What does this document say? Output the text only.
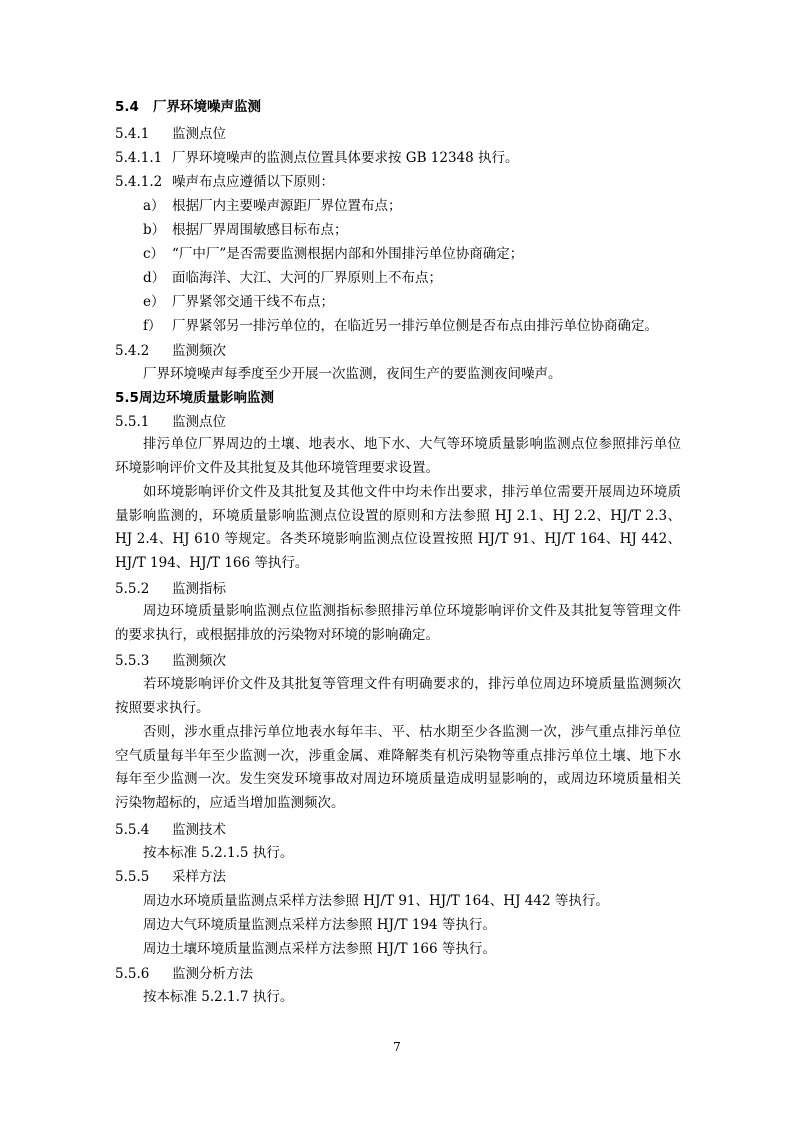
5.4 厂界环境噪声监测
5.4.1 监测点位
5.4.1.1 厂界环境噪声的监测点位置具体要求按 GB 12348 执行。
5.4.1.2 噪声布点应遵循以下原则：
a） 根据厂内主要噪声源距厂界位置布点；
b） 根据厂界周围敏感目标布点；
c） “厂中厂”是否需要监测根据内部和外围排污单位协商确定；
d） 面临海洋、大江、大河的厂界原则上不布点；
e） 厂界紧邻交通干线不布点；
f） 厂界紧邻另一排污单位的，在临近另一排污单位侧是否布点由排污单位协商确定。
5.4.2 监测频次
厂界环境噪声每季度至少开展一次监测，夜间生产的要监测夜间噪声。
5.5 周边环境质量影响监测
5.5.1 监测点位
排污单位厂界周边的土壤、地表水、地下水、大气等环境质量影响监测点位参照排污单位环境影响评价文件及其批复及其他环境管理要求设置。
如环境影响评价文件及其批复及其他文件中均未作出要求，排污单位需要开展周边环境质量影响监测的，环境质量影响监测点位设置的原则和方法参照 HJ 2.1、HJ 2.2、HJ/T 2.3、HJ 2.4、HJ 610 等规定。各类环境影响监测点位设置按照 HJ/T 91、HJ/T 164、HJ 442、HJ/T 194、HJ/T 166 等执行。
5.5.2 监测指标
周边环境质量影响监测点位监测指标参照排污单位环境影响评价文件及其批复等管理文件的要求执行，或根据排放的污染物对环境的影响确定。
5.5.3 监测频次
若环境影响评价文件及其批复等管理文件有明确要求的，排污单位周边环境质量监测频次按照要求执行。
否则，涉水重点排污单位地表水每年丰、平、枯水期至少各监测一次，涉气重点排污单位空气质量每半年至少监测一次，涉重金属、难降解类有机污染物等重点排污单位土壤、地下水每年至少监测一次。发生突发环境事故对周边环境质量造成明显影响的，或周边环境质量相关污染物超标的，应适当增加监测频次。
5.5.4 监测技术
按本标准 5.2.1.5 执行。
5.5.5 采样方法
周边水环境质量监测点采样方法参照 HJ/T 91、HJ/T 164、HJ 442 等执行。
周边大气环境质量监测点采样方法参照 HJ/T 194 等执行。
周边土壤环境质量监测点采样方法参照 HJ/T 166 等执行。
5.5.6 监测分析方法
按本标准 5.2.1.7 执行。
7
